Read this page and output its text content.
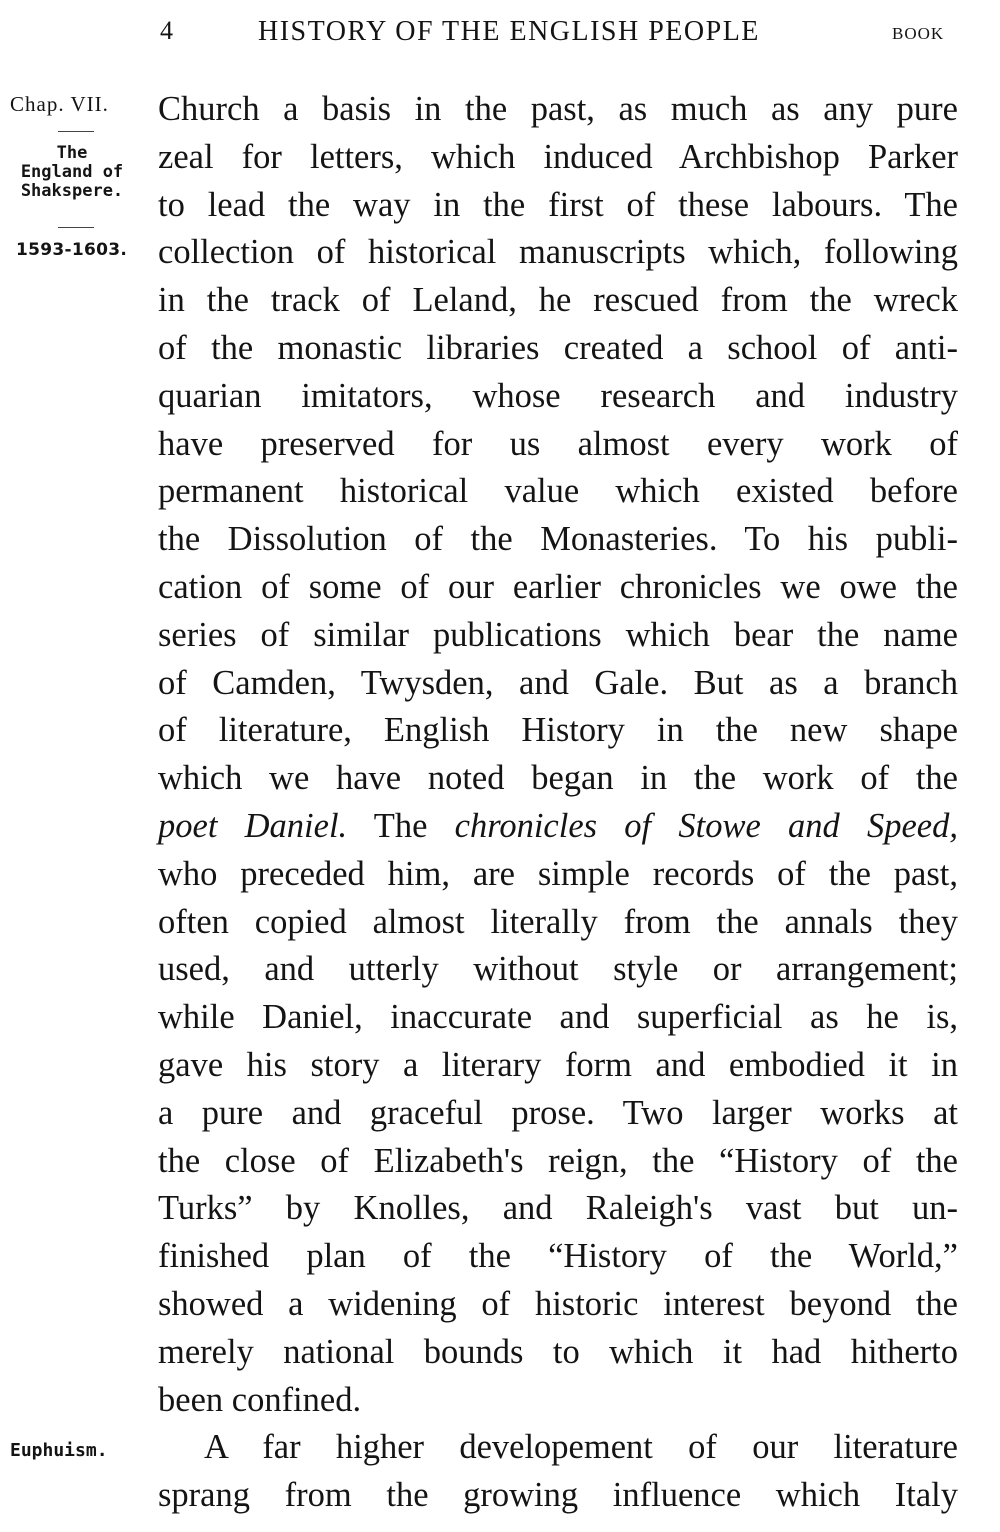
4	HISTORY OF THE ENGLISH PEOPLE	BOOK
Chap. VII.
The
England of
Shakspere.
1593-1603.
Euphuism.
Church a basis in the past, as much as any pure
zeal for letters, which induced Archbishop Parker
to lead the way in the first of these labours. The
collection of historical manuscripts which, following
in the track of Leland, he rescued from the wreck
of the monastic libraries created a school of anti-
quarian imitators, whose research and industry
have preserved for us almost every work of
permanent historical value which existed before
the Dissolution of the Monasteries. To his publi-
cation of some of our earlier chronicles we owe the
series of similar publications which bear the name
of Camden, Twysden, and Gale. But as a branch
of literature, English History in the new shape
which we have noted began in the work of the
poet Daniel. The chronicles of Stowe and Speed,
who preceded him, are simple records of the past,
often copied almost literally from the annals they
used, and utterly without style or arrangement;
while Daniel, inaccurate and superficial as he is,
gave his story a literary form and embodied it in
a pure and graceful prose. Two larger works at
the close of Elizabeth's reign, the “History of the
Turks” by Knolles, and Raleigh's vast but un-
finished plan of the “History of the World,”
showed a widening of historic interest beyond the
merely national bounds to which it had hitherto
been confined.
A far higher developement of our literature
sprang from the growing influence which Italy
